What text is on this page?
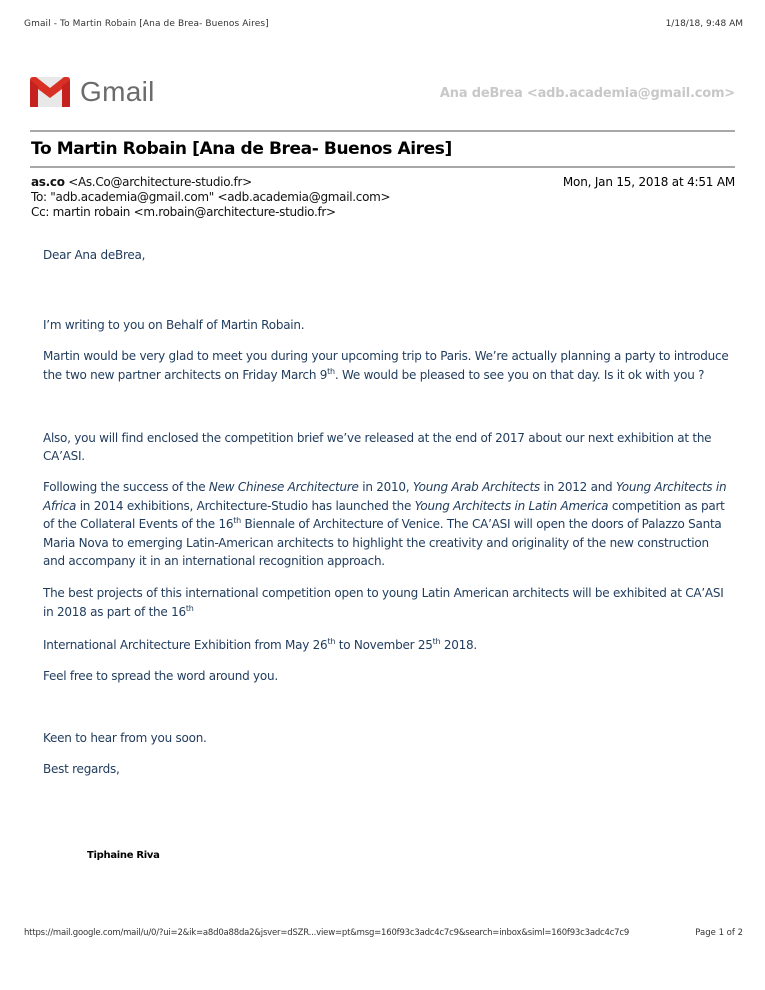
Gmail - To Martin Robain [Ana de Brea- Buenos Aires]	1/18/18, 9:48 AM
Gmail	Ana deBrea <adb.academia@gmail.com>
To Martin Robain [Ana de Brea- Buenos Aires]
as.co <As.Co@architecture-studio.fr>
To: "adb.academia@gmail.com" <adb.academia@gmail.com>
Cc: martin robain <m.robain@architecture-studio.fr>
Mon, Jan 15, 2018 at 4:51 AM

Dear Ana deBrea,

I’m writing to you on Behalf of Martin Robain.

Martin would be very glad to meet you during your upcoming trip to Paris. We’re actually planning a party to introduce the two new partner architects on Friday March 9th. We would be pleased to see you on that day. Is it ok with you ?

Also, you will find enclosed the competition brief we’ve released at the end of 2017 about our next exhibition at the CA’ASI.

Following the success of the New Chinese Architecture in 2010, Young Arab Architects in 2012 and Young Architects in Africa in 2014 exhibitions, Architecture-Studio has launched the Young Architects in Latin America competition as part of the Collateral Events of the 16th Biennale of Architecture of Venice. The CA’ASI will open the doors of Palazzo Santa Maria Nova to emerging Latin-American architects to highlight the creativity and originality of the new construction and accompany it in an international recognition approach.

The best projects of this international competition open to young Latin American architects will be exhibited at CA’ASI in 2018 as part of the 16th

International Architecture Exhibition from May 26th to November 25th 2018.

Feel free to spread the word around you.

Keen to hear from you soon.

Best regards,

Tiphaine Riva
https://mail.google.com/mail/u/0/?ui=2&ik=a8d0a88da2&jsver=dSZR...view=pt&msg=160f93c3adc4c7c9&search=inbox&siml=160f93c3adc4c7c9	Page 1 of 2
